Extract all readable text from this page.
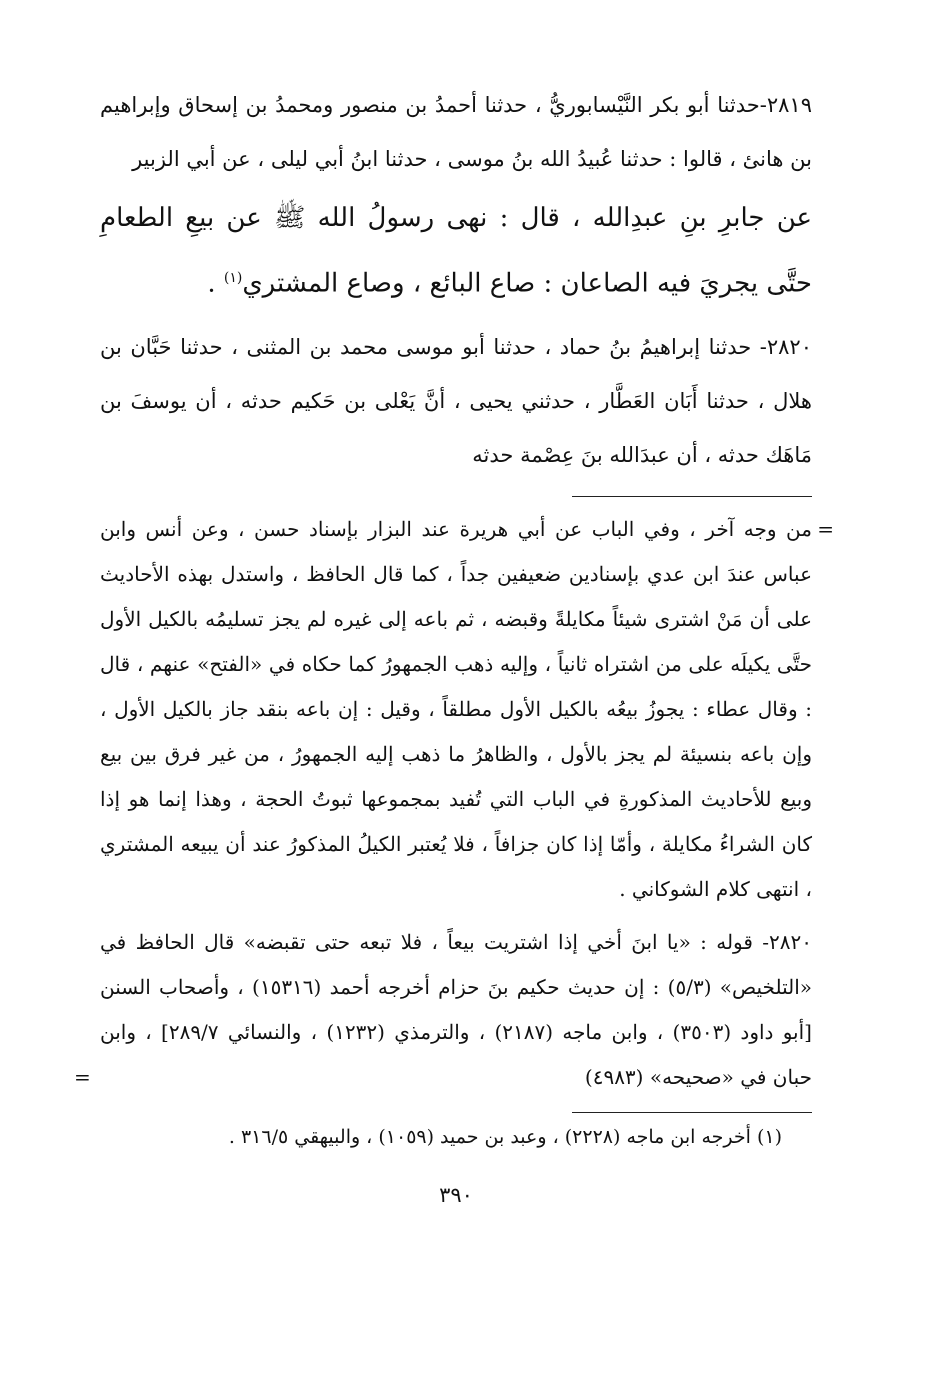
٢٨١٩-حدثنا أبو بكر النَّيْسابوريُّ ، حدثنا أحمدُ بن منصور ومحمدُ بن إسحاق وإبراهيم بن هانئ ، قالوا : حدثنا عُبيدُ الله بنُ موسى ، حدثنا ابنُ أبي ليلى ، عن أبي الزبير

عن جابرِ بنِ عبدِالله ، قال : نهى رسولُ الله ﷺ عن بيعِ الطعامِ حتَّى يجريَ فيه الصاعان : صاع البائع ، وصاع المشتري$^{(١)}$ .

٢٨٢٠- حدثنا إبراهيمُ بنُ حماد ، حدثنا أبو موسى محمد بن المثنى ، حدثنا حَبَّان بن هلال ، حدثنا أَبَان العَطَّار ، حدثني يحيى ، أنَّ يَعْلى بن حَكيم حدثه ، أن يوسفَ بن مَاهَك حدثه ، أن عبدَالله بنَ عِصْمة حدثه

=
من وجه آخر ، وفي الباب عن أبي هريرة عند البزار بإسناد حسن ، وعن أنس وابن عباس عندَ ابن عدي بإسنادين ضعيفين جداً ، كما قال الحافظ ، واستدل بهذه الأحاديث على أن مَنْ اشترى شيئاً مكايلةً وقبضه ، ثم باعه إلى غيره لم يجز تسليمُه بالكيل الأول حتَّى يكيلَه على من اشتراه ثانياً ، وإليه ذهب الجمهورُ كما حكاه في «الفتح» عنهم ، قال : وقال عطاء : يجوزُ بيعُه بالكيل الأول مطلقاً ، وقيل : إن باعه بنقد جاز بالكيل الأول ، وإن باعه بنسيئة لم يجز بالأول ، والظاهرُ ما ذهب إليه الجمهورُ ، من غير فرق بين بيع وبيع للأحاديث المذكورةِ في الباب التي تُفيد بمجموعها ثبوتُ الحجة ، وهذا إنما هو إذا كان الشراءُ مكايلة ، وأمّا إذا كان جزافاً ، فلا يُعتبر الكيلُ المذكورُ عند أن يبيعه المشتري ، انتهى كلام الشوكاني .

٢٨٢٠- قوله : «يا ابنَ أخي إذا اشتريت بيعاً ، فلا تبعه حتى تقبضه» قال الحافظ في «التلخيص» (٥/٣) : إن حديث حكيم بنَ حزام أخرجه أحمد (١٥٣١٦) ، وأصحاب السنن [أبو داود (٣٥٠٣) ، وابن ماجه (٢١٨٧) ، والترمذي (١٢٣٢) ، والنسائي ٢٨٩/٧] ، وابن حبان في «صحيحه» (٤٩٨٣)
=

(١) أخرجه ابن ماجه (٢٢٢٨) ، وعبد بن حميد (١٠٥٩) ، والبيهقي ٣١٦/٥ .

٣٩٠
